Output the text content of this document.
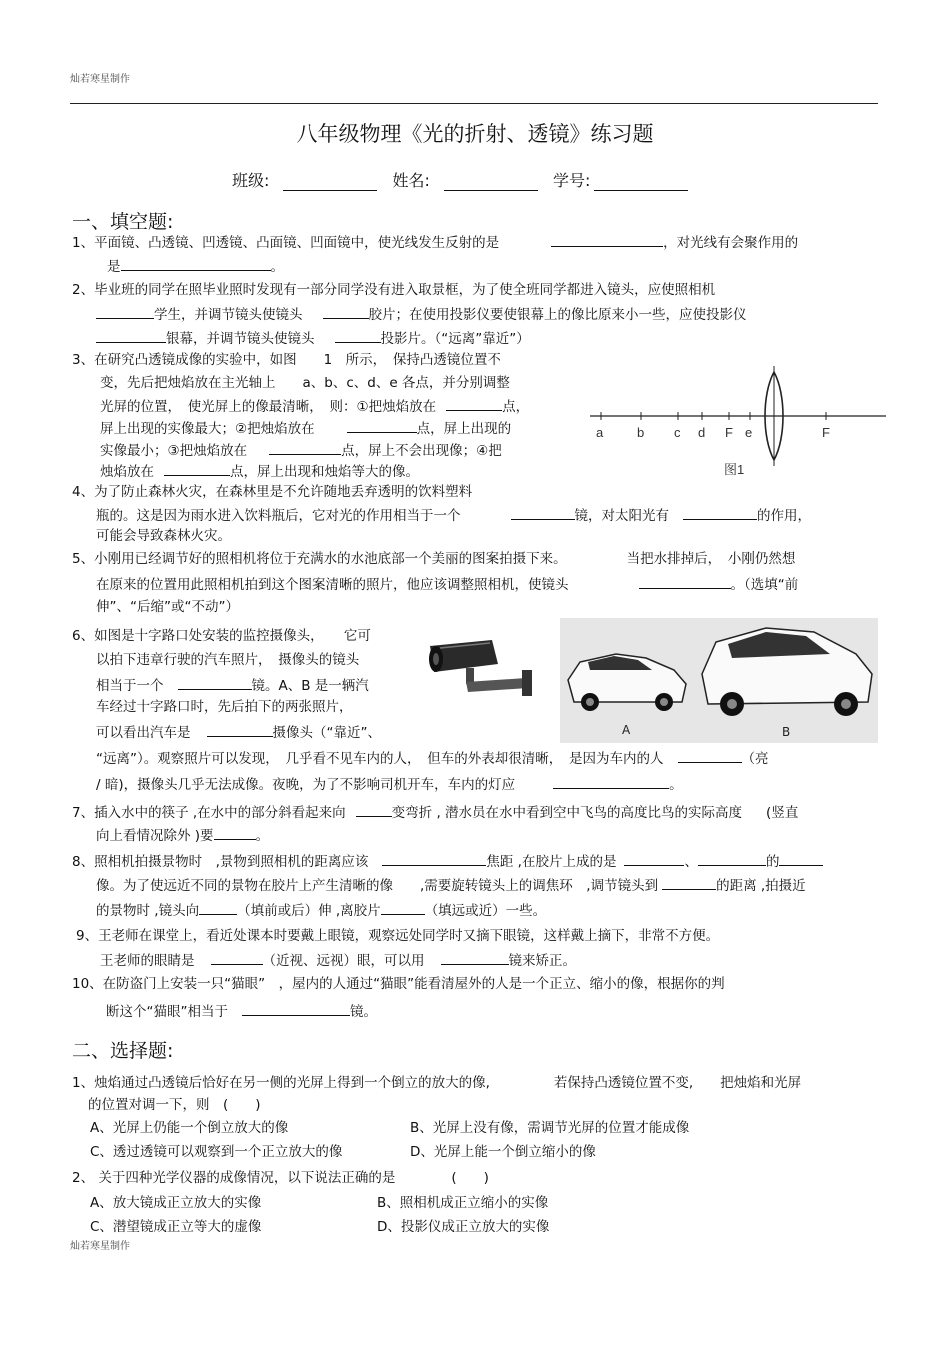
灿若寒星制作
八年级物理《光的折射、透镜》练习题
班级:	姓名:	学号:
一、填空题:
1、平面镜、凸透镜、凹透镜、凸面镜、凹面镜中，使光线发生反射的是	，对光线有会聚作用的
是	。
2、毕业班的同学在照毕业照时发现有一部分同学没有进入取景框，为了使全班同学都进入镜头，应使照相机
学生，并调节镜头使镜头	胶片；在使用投影仪要使银幕上的像比原来小一些，应使投影仪
银幕，并调节镜头使镜头	投影片。（“远离”靠近”）
3、在研究凸透镜成像的实验中，如图　　1　所示，　保持凸透镜位置不
变，先后把烛焰放在主光轴上　　a、b、c、d、e 各点，并分别调整
光屏的位置，　使光屏上的像最清晰，　则：①把烛焰放在	点，
屏上出现的实像最大；②把烛焰放在	点，屏上出现的
实像最小；③把烛焰放在	点，屏上不会出现像；④把
烛焰放在	点，屏上出现和烛焰等大的像。
a	b c d F e	F
图1
4、为了防止森林火灾，在森林里是不允许随地丢弃透明的饮料塑料
瓶的。这是因为雨水进入饮料瓶后，它对光的作用相当于一个	镜，对太阳光有	的作用，
可能会导致森林火灾。
5、小刚用已经调节好的照相机将位于充满水的水池底部一个美丽的图案拍摄下来。	当把水排掉后，　小刚仍然想
在原来的位置用此照相机拍到这个图案清晰的照片，他应该调整照相机，使镜头	。（选填“前
伸”、“后缩”或“不动”）
6、如图是十字路口处安装的监控摄像头，　　它可
以拍下违章行驶的汽车照片，　摄像头的镜头
相当于一个	镜。A、B 是一辆汽
车经过十字路口时，先后拍下的两张照片，
可以看出汽车是	摄像头（“靠近”、
“远离”）。观察照片可以发现，　几乎看不见车内的人，　但车的外表却很清晰，　是因为车内的人	（亮
/ 暗)，摄像头几乎无法成像。夜晚，为了不影响司机开车，车内的灯应	。
A	B
7、插入水中的筷子 ,在水中的部分斜看起来向	变弯折 , 潜水员在水中看到空中飞鸟的高度比鸟的实际高度 (竖直
向上看情况除外 )要	。
8、照相机拍摄景物时　,景物到照相机的距离应该	焦距 ,在胶片上成的是	、	的
像。为了使远近不同的景物在胶片上产生清晰的像　　,需要旋转镜头上的调焦环　,调节镜头到	的距离 ,拍摄近
的景物时 ,镜头向	（填前或后）伸 ,离胶片	（填远或近）一些。
9、王老师在课堂上，看近处课本时要戴上眼镜，观察远处同学时又摘下眼镜，这样戴上摘下，非常不方便。
王老师的眼睛是	（近视、远视）眼，可以用	镜来矫正。
10、在防盗门上安装一只“猫眼”　，屋内的人通过“猫眼”能看清屋外的人是一个正立、缩小的像，根据你的判
断这个“猫眼”相当于	镜。
二、选择题:
1、烛焰通过凸透镜后恰好在另一侧的光屏上得到一个倒立的放大的像,	若保持凸透镜位置不变,　　把烛焰和光屏
的位置对调一下，则　(　　)
A、光屏上仍能一个倒立放大的像	B、光屏上没有像，需调节光屏的位置才能成像
C、透过透镜可以观察到一个正立放大的像	D、光屏上能一个倒立缩小的像
2、 关于四种光学仪器的成像情况，以下说法正确的是	(　　)
A、放大镜成正立放大的实像	B、照相机成正立缩小的实像
C、潜望镜成正立等大的虚像	D、投影仪成正立放大的实像
灿若寒星制作
